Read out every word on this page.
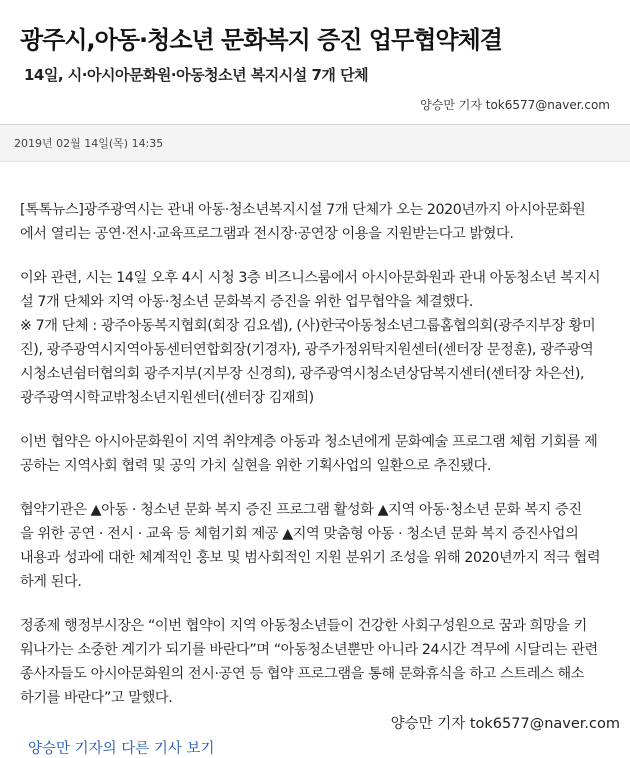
광주시,아동·청소년 문화복지 증진 업무협약체결
14일, 시·아시아문화원·아동청소년 복지시설 7개 단체
양승만 기자 tok6577@naver.com
2019년 02월 14일(목) 14:35

[톡톡뉴스]광주광역시는 관내 아동·청소년복지시설 7개 단체가 오는 2020년까지 아시아문화원
에서 열리는 공연·전시·교육프로그램과 전시장·공연장 이용을 지원받는다고 밝혔다.

이와 관련, 시는 14일 오후 4시 시청 3층 비즈니스룸에서 아시아문화원과 관내 아동청소년 복지시
설 7개 단체와 지역 아동·청소년 문화복지 증진을 위한 업무협약을 체결했다.
※ 7개 단체 : 광주아동복지협회(회장 김요셉), (사)한국아동청소년그룹홈협의회(광주지부장 황미
진), 광주광역시지역아동센터연합회장(기경자), 광주가정위탁지원센터(센터장 문정훈), 광주광역
시청소년쉼터협의회 광주지부(지부장 신경희), 광주광역시청소년상담복지센터(센터장 차은선),
광주광역시학교밖청소년지원센터(센터장 김재희)

이번 협약은 아시아문화원이 지역 취약계층 아동과 청소년에게 문화예술 프로그램 체험 기회를 제
공하는 지역사회 협력 및 공익 가치 실현을 위한 기획사업의 일환으로 추진됐다.

협약기관은 ▲아동 · 청소년 문화 복지 증진 프로그램 활성화 ▲지역 아동·청소년 문화 복지 증진
을 위한 공연 · 전시 · 교육 등 체험기회 제공 ▲지역 맞춤형 아동 · 청소년 문화 복지 증진사업의
내용과 성과에 대한 체계적인 홍보 및 범사회적인 지원 분위기 조성을 위해 2020년까지 적극 협력
하게 된다.

정종제 행정부시장은 “이번 협약이 지역 아동청소년들이 건강한 사회구성원으로 꿈과 희망을 키
워나가는 소중한 계기가 되기를 바란다”며 “아동청소년뿐만 아니라 24시간 격무에 시달리는 관련
종사자들도 아시아문화원의 전시·공연 등 협약 프로그램을 통해 문화휴식을 하고 스트레스 해소
하기를 바란다”고 말했다.

양승만 기자 tok6577@naver.com
양승만 기자의 다른 기사 보기
